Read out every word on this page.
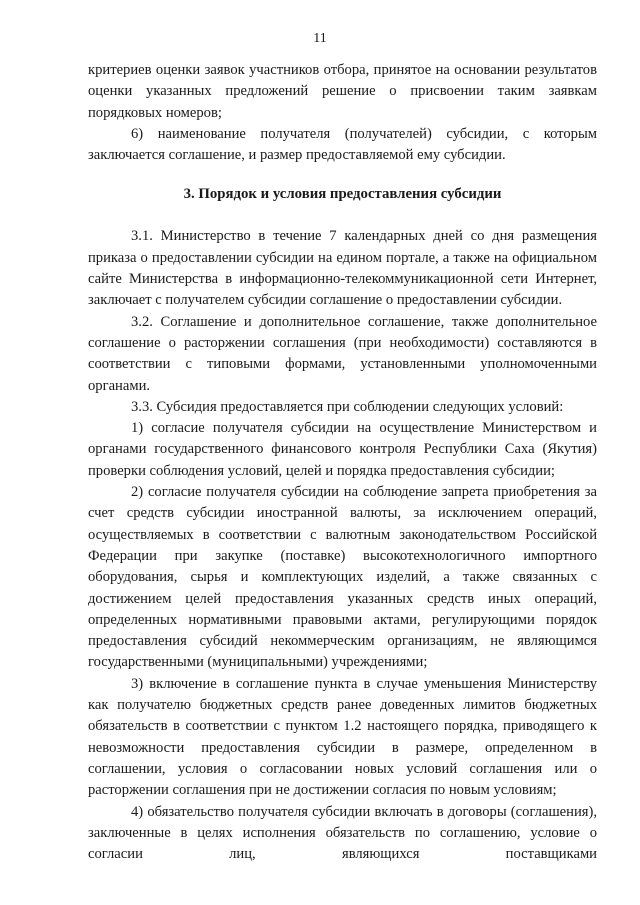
11

критериев оценки заявок участников отбора, принятое на основании результатов оценки указанных предложений решение о присвоении таким заявкам порядковых номеров;

6) наименование получателя (получателей) субсидии, с которым заключается соглашение, и размер предоставляемой ему субсидии.

3. Порядок и условия предоставления субсидии

3.1. Министерство в течение 7 календарных дней со дня размещения приказа о предоставлении субсидии на едином портале, а также на официальном сайте Министерства в информационно-телекоммуникационной сети Интернет, заключает с получателем субсидии соглашение о предоставлении субсидии.

3.2. Соглашение и дополнительное соглашение, также дополнительное соглашение о расторжении соглашения (при необходимости) составляются в соответствии с типовыми формами, установленными уполномоченными органами.

3.3. Субсидия предоставляется при соблюдении следующих условий:

1) согласие получателя субсидии на осуществление Министерством и органами государственного финансового контроля Республики Саха (Якутия) проверки соблюдения условий, целей и порядка предоставления субсидии;

2) согласие получателя субсидии на соблюдение запрета приобретения за счет средств субсидии иностранной валюты, за исключением операций, осуществляемых в соответствии с валютным законодательством Российской Федерации при закупке (поставке) высокотехнологичного импортного оборудования, сырья и комплектующих изделий, а также связанных с достижением целей предоставления указанных средств иных операций, определенных нормативными правовыми актами, регулирующими порядок предоставления субсидий некоммерческим организациям, не являющимся государственными (муниципальными) учреждениями;

3) включение в соглашение пункта в случае уменьшения Министерству как получателю бюджетных средств ранее доведенных лимитов бюджетных обязательств в соответствии с пунктом 1.2 настоящего порядка, приводящего к невозможности предоставления субсидии в размере, определенном в соглашении, условия о согласовании новых условий соглашения или о расторжении соглашения при не достижении согласия по новым условиям;

4) обязательство получателя субсидии включать в договоры (соглашения), заключенные в целях исполнения обязательств по соглашению, условие о согласии лиц, являющихся поставщиками
